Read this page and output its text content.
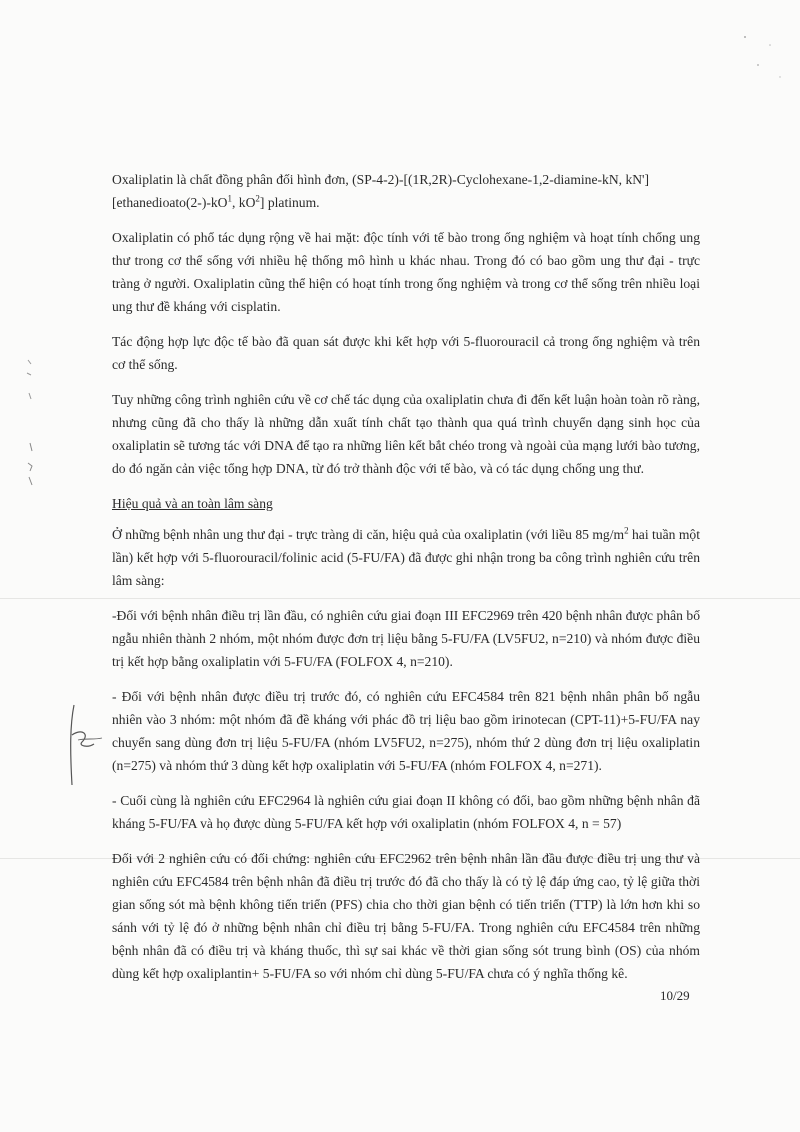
Oxaliplatin là chất đồng phân đối hình đơn, (SP-4-2)-[(1R,2R)-Cyclohexane-1,2-diamine-kN, kN']
[$ethanedioato(2-)-kO^1$, $kO^2$] platinum.

Oxaliplatin có phổ tác dụng rộng về hai mặt: độc tính với tế bào trong ống nghiệm và hoạt tính chống ung thư trong cơ thể sống với nhiều hệ thống mô hình u khác nhau. Trong đó có bao gồm ung thư đại - trực tràng ở người. Oxaliplatin cũng thể hiện có hoạt tính trong ống nghiệm và trong cơ thể sống trên nhiều loại ung thư đề kháng với cisplatin.

Tác động hợp lực độc tế bào đã quan sát được khi kết hợp với 5-fluorouracil cả trong ống nghiệm và trên cơ thể sống.

Tuy những công trình nghiên cứu về cơ chế tác dụng của oxaliplatin chưa đi đến kết luận hoàn toàn rõ ràng, nhưng cũng đã cho thấy là những dẫn xuất tính chất tạo thành qua quá trình chuyển dạng sinh học của oxaliplatin sẽ tương tác với DNA để tạo ra những liên kết bắt chéo trong và ngoài của mạng lưới bào tương, do đó ngăn cản việc tổng hợp DNA, từ đó trở thành độc với tế bào, và có tác dụng chống ung thư.

Hiệu quả và an toàn lâm sàng

Ở những bệnh nhân ung thư đại - trực tràng di căn, hiệu quả của oxaliplatin (với liều 85 $mg/m^2$ hai tuần một lần) kết hợp với 5-fluorouracil/folinic acid (5-FU/FA) đã được ghi nhận trong ba công trình nghiên cứu trên lâm sàng:

-Đối với bệnh nhân điều trị lần đầu, có nghiên cứu giai đoạn III EFC2969 trên 420 bệnh nhân được phân bố ngẫu nhiên thành 2 nhóm, một nhóm được đơn trị liệu bằng 5-FU/FA (LV5FU2, n=210) và nhóm được điều trị kết hợp bằng oxaliplatin với 5-FU/FA (FOLFOX 4, n=210).

- Đối với bệnh nhân được điều trị trước đó, có nghiên cứu EFC4584 trên 821 bệnh nhân phân bố ngẫu nhiên vào 3 nhóm: một nhóm đã đề kháng với phác đồ trị liệu bao gồm irinotecan (CPT-11)+5-FU/FA nay chuyển sang dùng đơn trị liệu 5-FU/FA (nhóm LV5FU2, n=275), nhóm thứ 2 dùng đơn trị liệu oxaliplatin (n=275) và nhóm thứ 3 dùng kết hợp oxaliplatin với 5-FU/FA (nhóm FOLFOX 4, n=271).

- Cuối cùng là nghiên cứu EFC2964 là nghiên cứu giai đoạn II không có đối, bao gồm những bệnh nhân đã kháng 5-FU/FA và họ được dùng 5-FU/FA kết hợp với oxaliplatin (nhóm FOLFOX 4, n = 57)

Đối với 2 nghiên cứu có đối chứng: nghiên cứu EFC2962 trên bệnh nhân lần đầu được điều trị ung thư và nghiên cứu EFC4584 trên bệnh nhân đã điều trị trước đó đã cho thấy là có tỷ lệ đáp ứng cao, tỷ lệ giữa thời gian sống sót mà bệnh không tiến triển (PFS) chia cho thời gian bệnh có tiến triển (TTP) là lớn hơn khi so sánh với tỷ lệ đó ở những bệnh nhân chỉ điều trị bằng 5-FU/FA. Trong nghiên cứu EFC4584 trên những bệnh nhân đã có điều trị và kháng thuốc, thì sự sai khác về thời gian sống sót trung bình (OS) của nhóm dùng kết hợp oxaliplantin+ 5-FU/FA so với nhóm chỉ dùng 5-FU/FA chưa có ý nghĩa thống kê.

10/29
